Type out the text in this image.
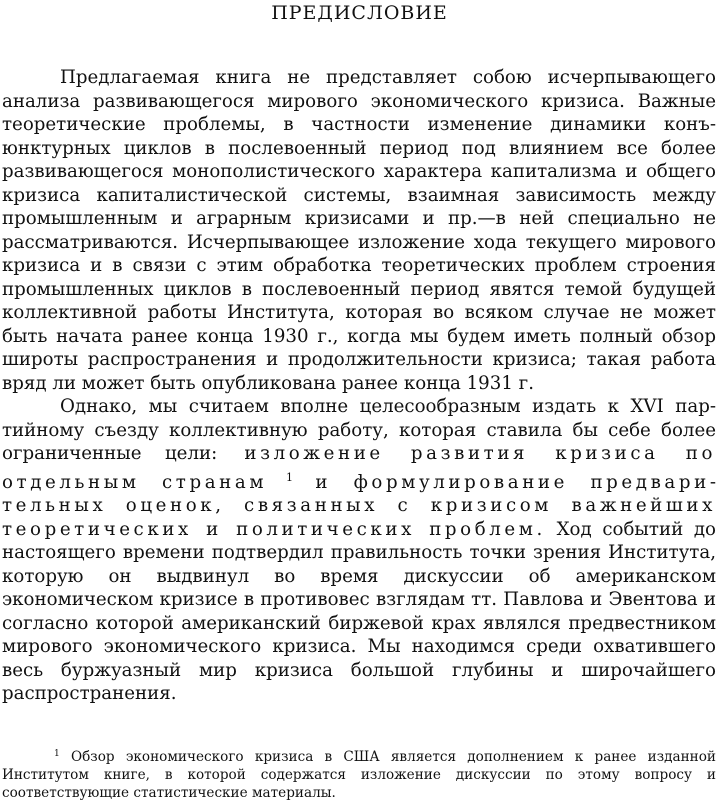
ПРЕДИСЛОВИЕ

Предлагаемая книга не представляет собою исчерпывающего анализа развивающегося мирового экономического кризиса. Важные теоретические проблемы, в частности изменение динамики конъюнктурных циклов в послевоенный период под влиянием все более развивающегося монополистического характера капитализма и общего кризиса капиталистической системы, взаимная зависимость между промышленным и аграрным кризисами и пр.—в ней специально не рассматриваются. Исчерпывающее изложение хода текущего мирового кризиса и в связи с этим обработка теоретических проблем строения промышленных циклов в послевоенный период явятся темой будущей коллективной работы Института, которая во всяком случае не может быть начата ранее конца 1930 г., когда мы будем иметь полный обзор широты распространения и продолжительности кризиса; такая работа вряд ли может быть опубликована ранее конца 1931 г.

Однако, мы считаем вполне целесообразным издать к XVI партийному съезду коллективную работу, которая ставила бы себе более ограниченные цели: изложение развития кризиса по отдельным странам $^1$ и формулирование предварительных оценок, связанных с кризисом важнейших теоретических и политических проблем. Ход событий до настоящего времени подтвердил правильность точки зрения Института, которую он выдвинул во время дискуссии об американском экономическом кризисе в противовес взглядам тт. Павлова и Эвентова и согласно которой американский биржевой крах являлся предвестником мирового экономического кризиса. Мы находимся среди охватившего весь буржуазный мир кризиса большой глубины и широчайшего распространения.

$^1$ Обзор экономического кризиса в США является дополнением к ранее изданной Институтом книге, в которой содержатся изложение дискуссии по этому вопросу и соответствующие статистические материалы.
